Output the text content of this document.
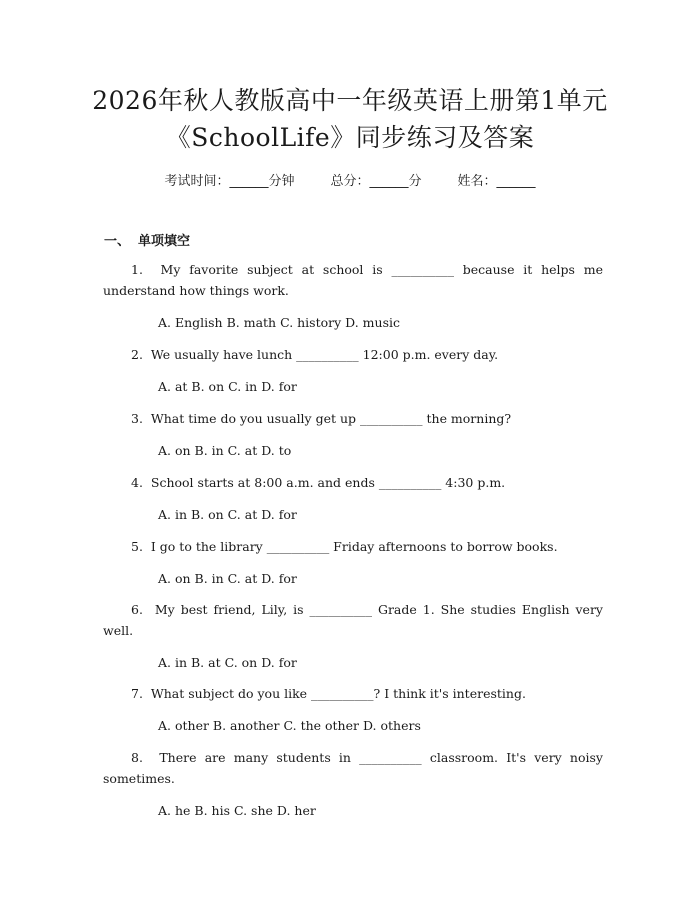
2026年秋人教版高中一年级英语上册第1单元《SchoolLife》同步练习及答案
考试时间：______分钟	总分：______分	姓名：______
一、 单项填空
1. My favorite subject at school is __________ because it helps me understand how things work.
A. English B. math C. history D. music
2. We usually have lunch __________ 12:00 p.m. every day.
A. at B. on C. in D. for
3. What time do you usually get up __________ the morning?
A. on B. in C. at D. to
4. School starts at 8:00 a.m. and ends __________ 4:30 p.m.
A. in B. on C. at D. for
5. I go to the library __________ Friday afternoons to borrow books.
A. on B. in C. at D. for
6. My best friend, Lily, is __________ Grade 1. She studies English very well.
A. in B. at C. on D. for
7. What subject do you like __________? I think it's interesting.
A. other B. another C. the other D. others
8. There are many students in __________ classroom. It's very noisy sometimes.
A. he B. his C. she D. her
